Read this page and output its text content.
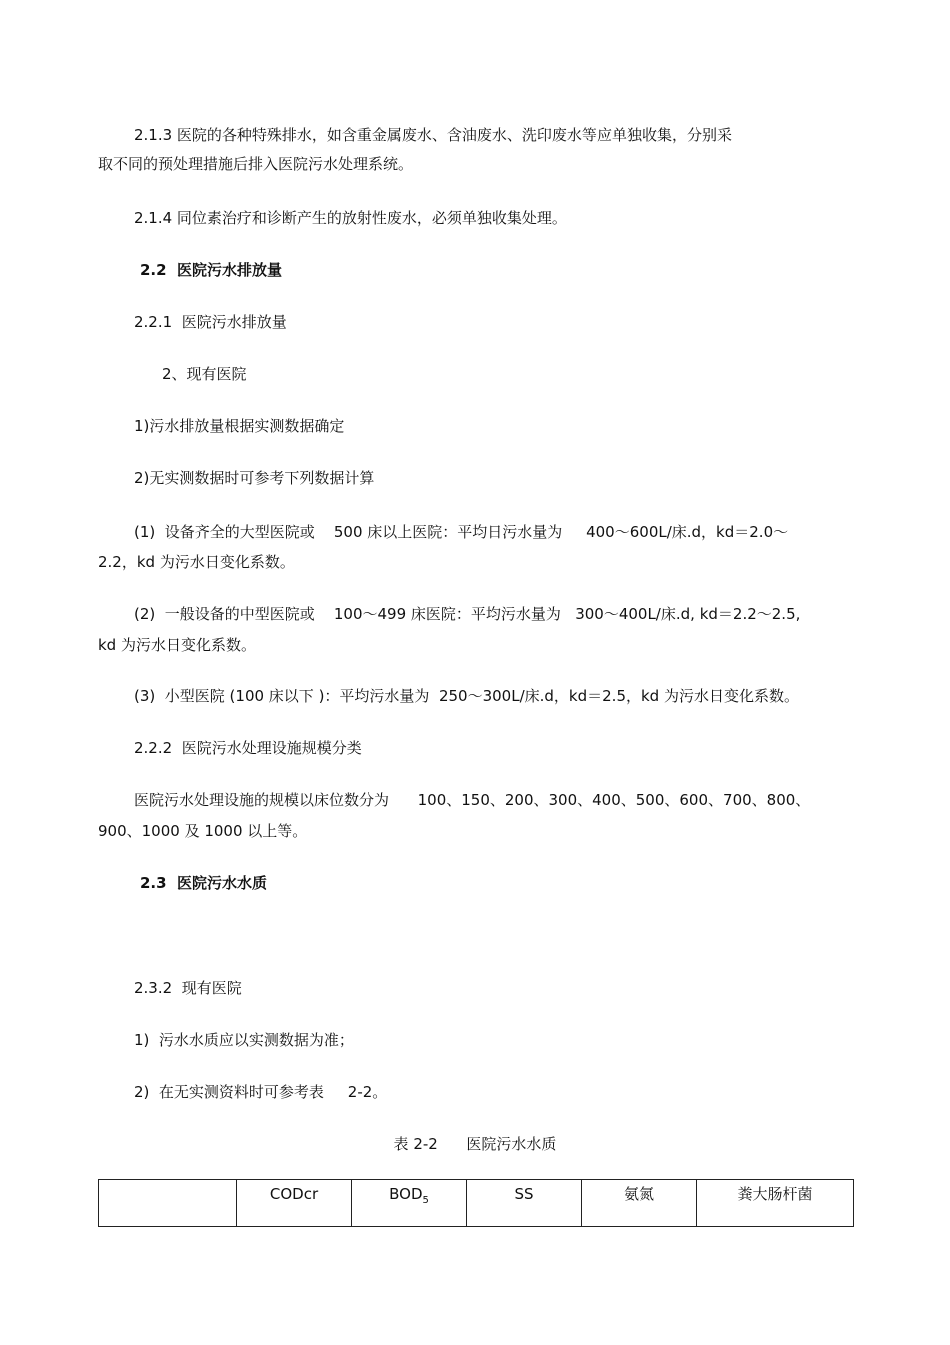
2.1.3 医院的各种特殊排水，如含重金属废水、含油废水、洗印废水等应单独收集，分别采
取不同的预处理措施后排入医院污水处理系统。
2.1.4 同位素治疗和诊断产生的放射性废水，必须单独收集处理。
2.2  医院污水排放量
2.2.1  医院污水排放量
2、现有医院
1)污水排放量根据实测数据确定
2)无实测数据时可参考下列数据计算
(1)  设备齐全的大型医院或    500 床以上医院：平均日污水量为     400～600L/床.d，kd＝2.0～
2.2，kd 为污水日变化系数。
(2)  一般设备的中型医院或    100～499 床医院：平均污水量为   300～400L/床.d, kd＝2.2～2.5,
kd 为污水日变化系数。
(3)  小型医院 (100 床以下 )：平均污水量为  250～300L/床.d，kd＝2.5，kd 为污水日变化系数。
2.2.2  医院污水处理设施规模分类
医院污水处理设施的规模以床位数分为      100、150、200、300、400、500、600、700、800、
900、1000 及 1000 以上等。
2.3  医院污水水质
2.3.2  现有医院
1)  污水水质应以实测数据为准；
2)  在无实测资料时可参考表     2-2。
表 2-2      医院污水水质
	CODcr	$BOD_5$	SS	氨氮	粪大肠杆菌
